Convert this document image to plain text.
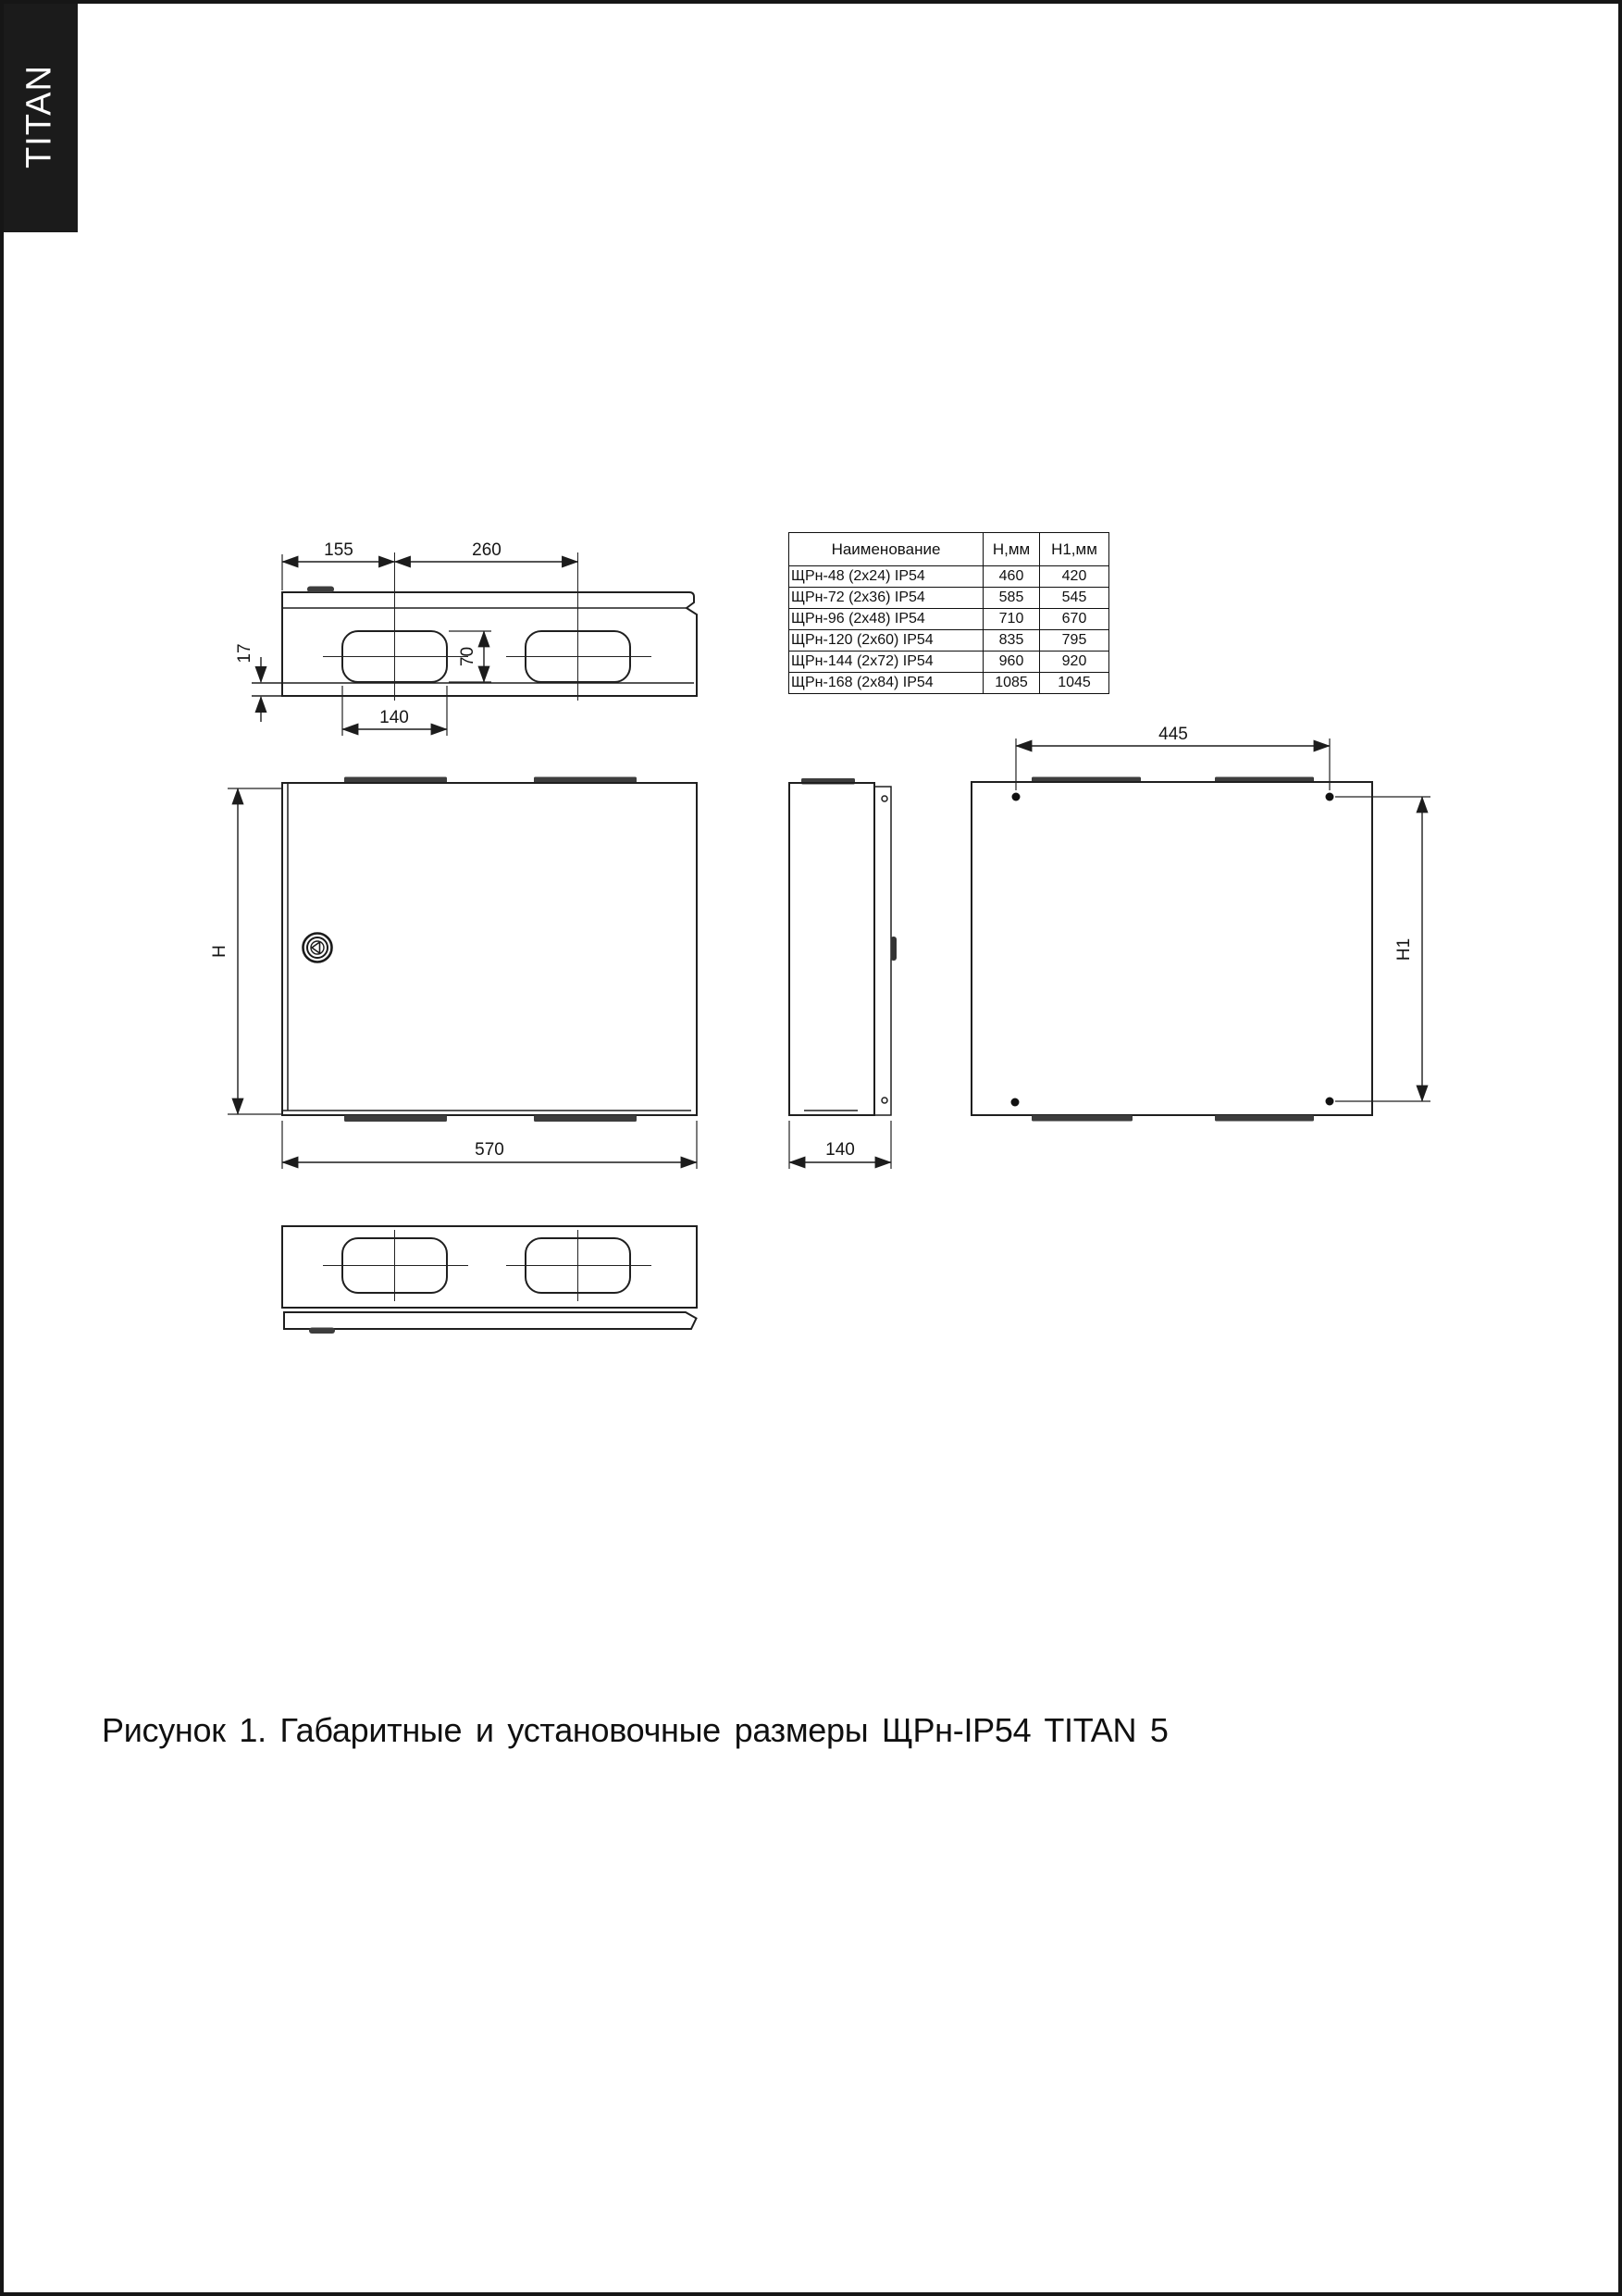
TITAN
155	260
70
140
17
H
570	140
445
H1
Наименование	Н,мм	Н1,мм
ЩРн-48 (2х24) IP54	460	420
ЩРн-72 (2х36) IP54	585	545
ЩРн-96 (2х48) IP54	710	670
ЩРн-120 (2х60) IP54	835	795
ЩРн-144 (2х72) IP54	960	920
ЩРн-168 (2х84) IP54	1085	1045
Рисунок 1. Габаритные и установочные размеры ЩРн-IP54 TITAN 5
